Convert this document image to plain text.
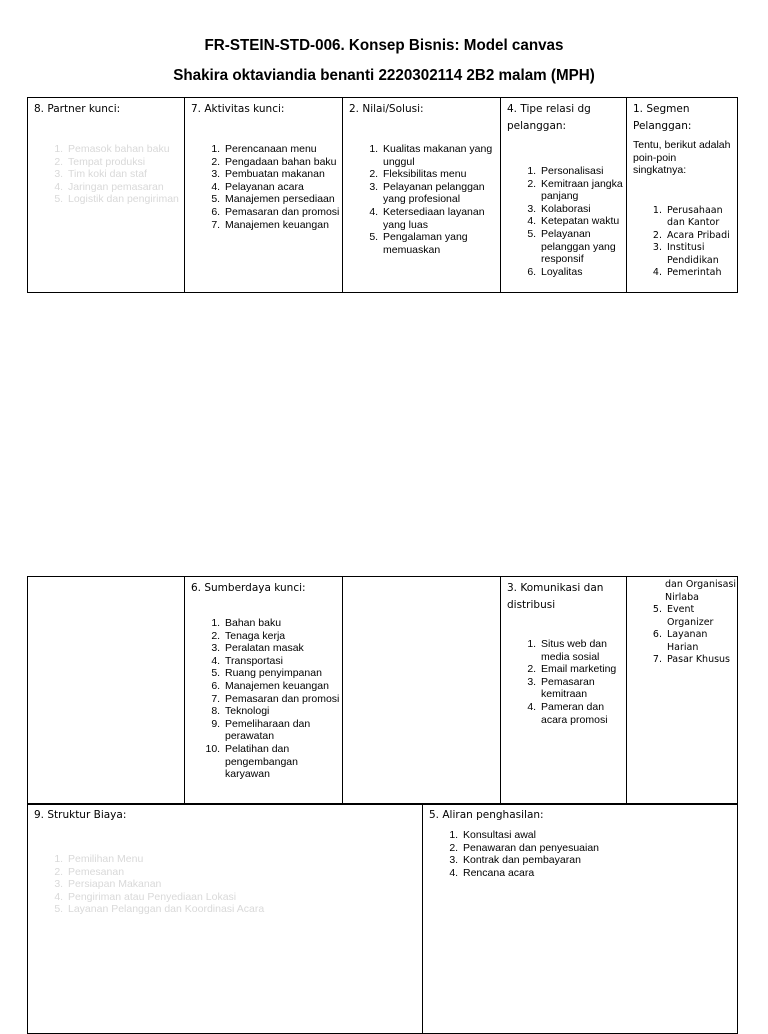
FR-STEIN-STD-006. Konsep Bisnis: Model canvas
Shakira oktaviandia benanti 2220302114 2B2 malam (MPH)
8. Partner kunci:
1. Pemasok bahan baku
2. Tempat produksi
3. Tim koki dan staf
4. Jaringan pemasaran
5. Logistik dan pengiriman

7. Aktivitas kunci:
1. Perencanaan menu
2. Pengadaan bahan baku
3. Pembuatan makanan
4. Pelayanan acara
5. Manajemen persediaan
6. Pemasaran dan promosi
7. Manajemen keuangan

2. Nilai/Solusi:
1. Kualitas makanan yang unggul
2. Fleksibilitas menu
3. Pelayanan pelanggan yang profesional
4. Ketersediaan layanan yang luas
5. Pengalaman yang memuaskan

4. Tipe relasi dg pelanggan:
1. Personalisasi
2. Kemitraan jangka panjang
3. Kolaborasi
4. Ketepatan waktu
5. Pelayanan pelanggan yang responsif
6. Loyalitas

1. Segmen Pelanggan:
Tentu, berikut adalah poin-poin singkatnya:
1. Perusahaan dan Kantor
2. Acara Pribadi
3. Institusi Pendidikan
4. Pemerintah

6. Sumberdaya kunci:
1. Bahan baku
2. Tenaga kerja
3. Peralatan masak
4. Transportasi
5. Ruang penyimpanan
6. Manajemen keuangan
7. Pemasaran dan promosi
8. Teknologi
9. Pemeliharaan dan perawatan
10. Pelatihan dan pengembangan karyawan

3. Komunikasi dan distribusi
1. Situs web dan media sosial
2. Email marketing
3. Pemasaran kemitraan
4. Pameran dan acara promosi

dan Organisasi Nirlaba
5. Event Organizer
6. Layanan Harian
7. Pasar Khusus
9. Struktur Biaya:
1. Pemilihan Menu
2. Pemesanan
3. Persiapan Makanan
4. Pengiriman atau Penyediaan Lokasi
5. Layanan Pelanggan dan Koordinasi Acara

5. Aliran penghasilan:
1. Konsultasi awal
2. Penawaran dan penyesuaian
3. Kontrak dan pembayaran
4. Rencana acara
